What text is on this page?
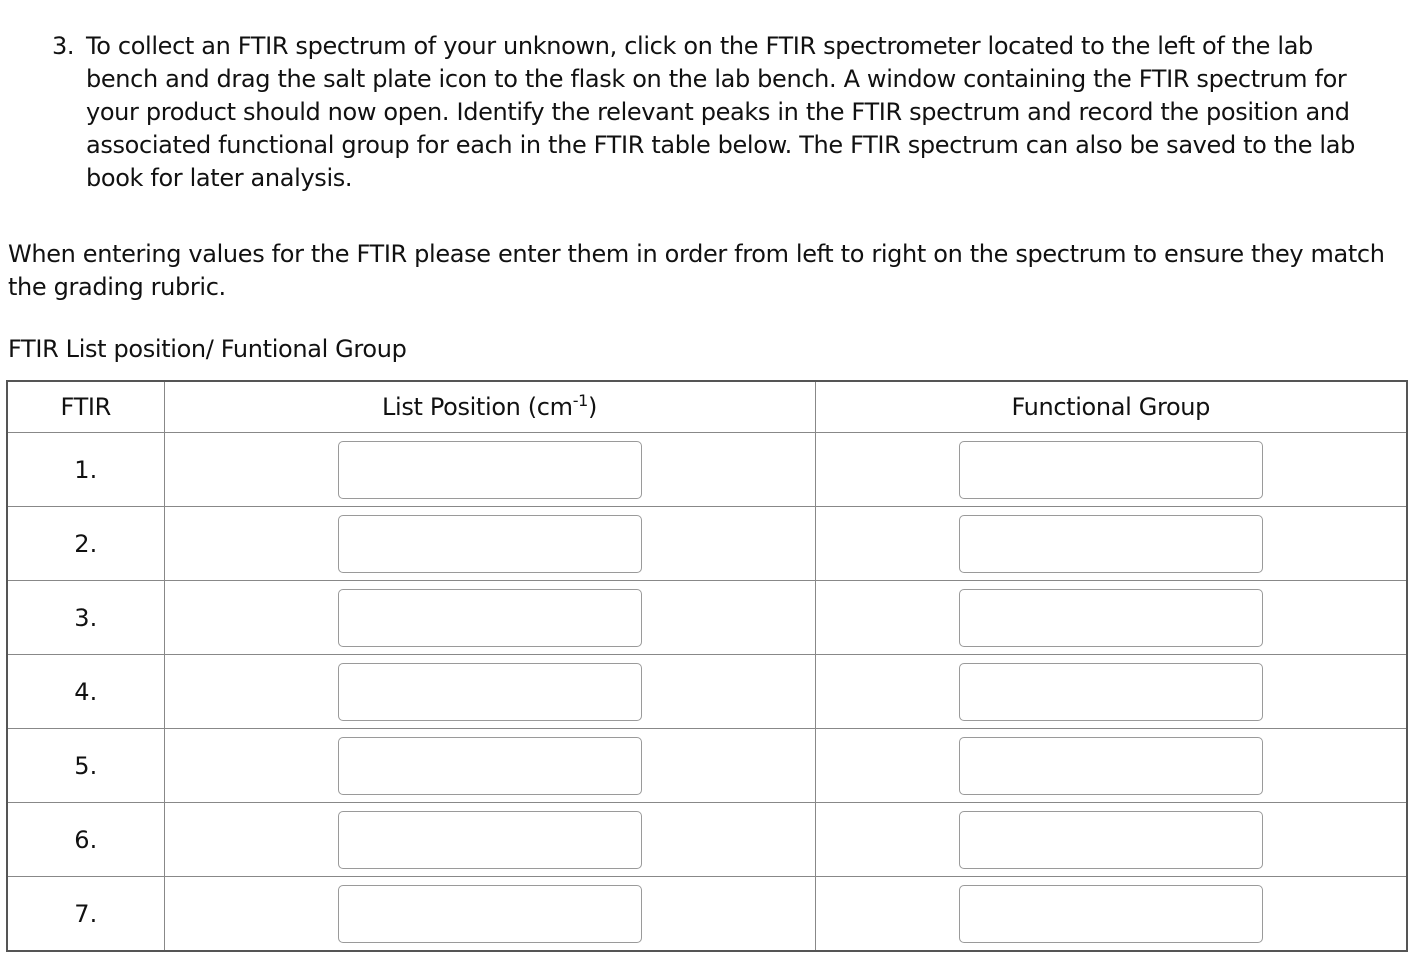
3. To collect an FTIR spectrum of your unknown, click on the FTIR spectrometer located to the left of the lab bench and drag the salt plate icon to the flask on the lab bench. A window containing the FTIR spectrum for your product should now open. Identify the relevant peaks in the FTIR spectrum and record the position and associated functional group for each in the FTIR table below. The FTIR spectrum can also be saved to the lab book for later analysis.

When entering values for the FTIR please enter them in order from left to right on the spectrum to ensure they match the grading rubric.

FTIR List position/ Funtional Group

FTIR	List Position $(cm^{-1})$	Functional Group
1.	

2.	

3.	

4.	

5.	

6.	

7.	
